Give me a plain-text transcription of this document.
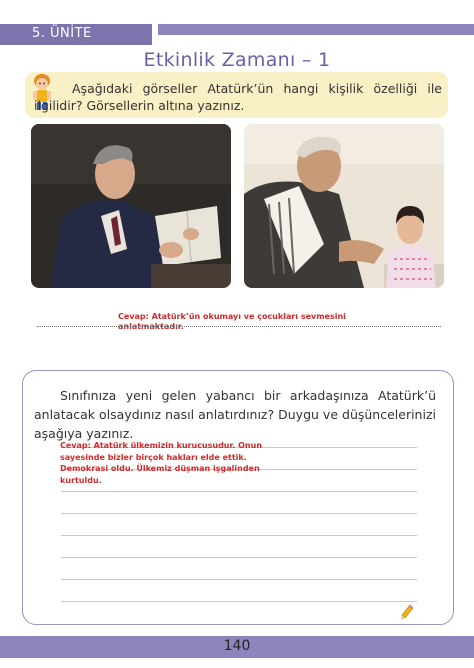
5. ÜNİTE
Etkinlik Zamanı – 1
Aşağıdaki görseller Atatürk’ün hangi kişilik özelliği ile ilgilidir? Görsellerin altına yazınız.
Cevap: Atatürk’ün okumayı ve çocukları sevmesini anlatmaktadır.
Sınıfınıza yeni gelen yabancı bir arkadaşınıza Atatürk’ü anlatacak olsaydınız nasıl anlatırdınız? Duygu ve düşüncelerinizi aşağıya yazınız.
Cevap: Atatürk ülkemizin kurucusudur. Onun sayesinde bizler birçok hakları elde ettik. Demokrasi oldu. Ülkemiz düşman işgalinden kurtuldu.
140
